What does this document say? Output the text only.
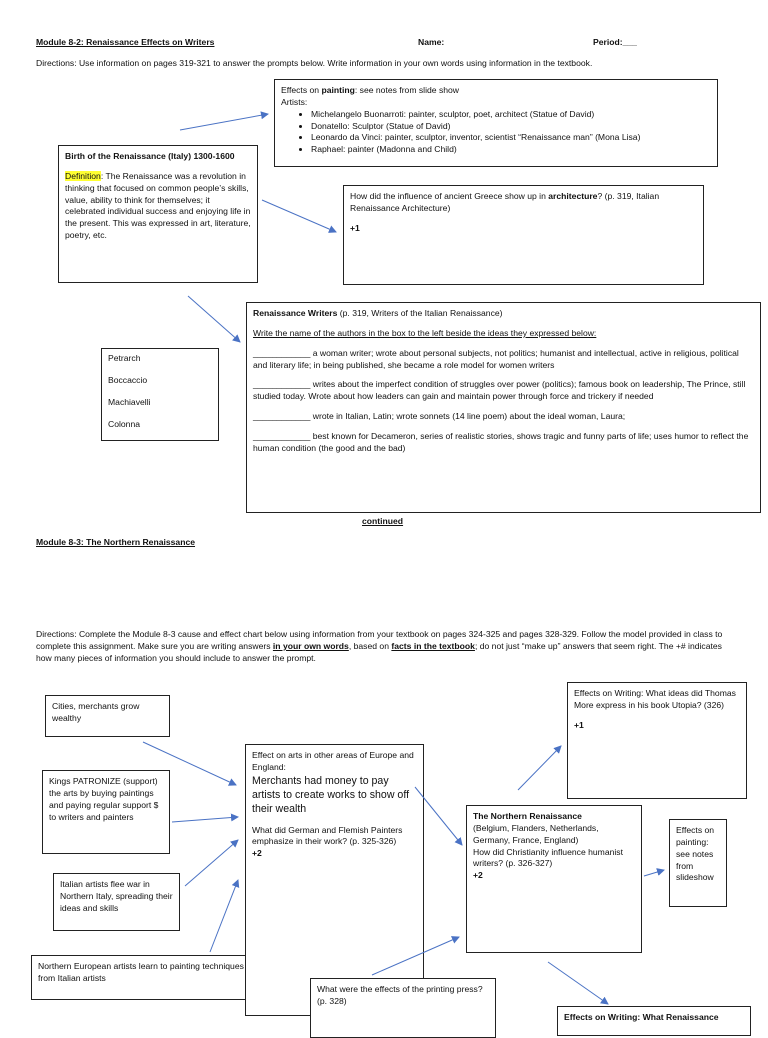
Module 8-2: Renaissance Effects on Writers	Name:	Period:___
Directions: Use information on pages 319-321 to answer the prompts below. Write information in your own words using information in the textbook.

Effects on painting: see notes from slide show

Artists:

• Michelangelo Buonarroti: painter, sculptor, poet, architect (Statue of David)
• Donatello: Sculptor (Statue of David)
• Leonardo da Vinci: painter, sculptor, inventor, scientist “Renaissance man” (Mona Lisa)
• Raphael: painter (Madonna and Child)

Birth of the Renaissance (Italy) 1300-1600

Definition: The Renaissance was a revolution in thinking that focused on common people’s skills, value, ability to think for themselves; it celebrated individual success and enjoying life in the present. This was expressed in art, literature, poetry, etc.

How did the influence of ancient Greece show up in architecture? (p. 319, Italian Renaissance Architecture)

+1

Petrarch

Boccaccio

Machiavelli

Colonna

Renaissance Writers (p. 319, Writers of the Italian Renaissance)

Write the name of the authors in the box to the left beside the ideas they expressed below:

____________ a woman writer; wrote about personal subjects, not politics; humanist and intellectual, active in religious, political and literary life; in being published, she became a role model for women writers

____________ writes about the imperfect condition of struggles over power (politics); famous book on leadership, The Prince, still studied today. Wrote about how leaders can gain and maintain power through force and trickery if needed

____________ wrote in Italian, Latin; wrote sonnets (14 line poem) about the ideal woman, Laura;

____________ best known for Decameron, series of realistic stories, shows tragic and funny parts of life; uses humor to reflect the human condition (the good and the bad)

continued
Module 8-3: The Northern Renaissance
Directions: Complete the Module 8-3 cause and effect chart below using information from your textbook on pages 324-325 and pages 328-329. Follow the model provided in class to complete this assignment. Make sure you are writing answers in your own words, based on facts in the textbook; do not just “make up” answers that seem right. The +# indicates how many pieces of information you should include to answer the prompt.
Cities, merchants grow wealthy
Kings PATRONIZE (support) the arts by buying paintings and paying regular support $ to writers and painters
Italian artists flee war in Northern Italy, spreading their ideas and skills
Northern European artists learn to painting techniques from Italian artists

Effect on arts in other areas of Europe and England:

Merchants had money to pay artists to create works to show off their wealth

What did German and Flemish Painters emphasize in their work? (p. 325-326)

+2

Effects on Writing: What ideas did Thomas More express in his book Utopia? (326)

+1

The Northern Renaissance

(Belgium, Flanders, Netherlands, Germany, France, England)

How did Christianity influence humanist writers? (p. 326-327)

+2

Effects on painting: see notes from slideshow

What were the effects of the printing press? (p. 328)

Effects on Writing: What Renaissance
